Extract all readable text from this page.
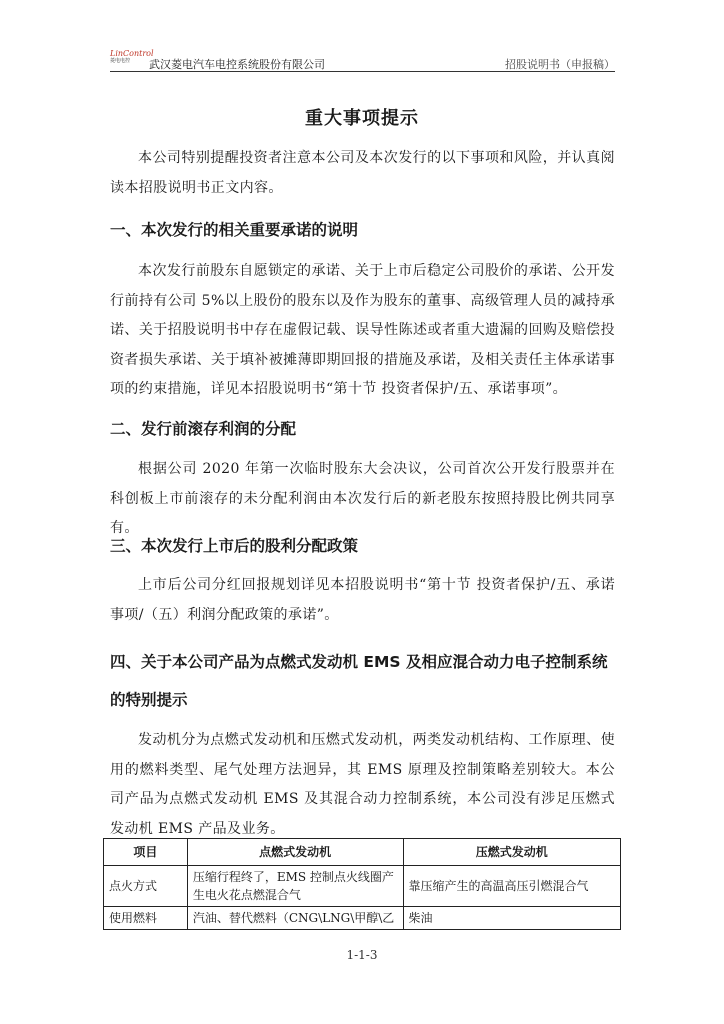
LinControl
菱电电控	武汉菱电汽车电控系统股份有限公司	招股说明书（申报稿）
重大事项提示

本公司特别提醒投资者注意本公司及本次发行的以下事项和风险，并认真阅读本招股说明书正文内容。

一、本次发行的相关重要承诺的说明

本次发行前股东自愿锁定的承诺、关于上市后稳定公司股价的承诺、公开发行前持有公司 5%以上股份的股东以及作为股东的董事、高级管理人员的减持承诺、关于招股说明书中存在虚假记载、误导性陈述或者重大遗漏的回购及赔偿投资者损失承诺、关于填补被摊薄即期回报的措施及承诺，及相关责任主体承诺事项的约束措施，详见本招股说明书“第十节 投资者保护/五、承诺事项”。

二、发行前滚存利润的分配

根据公司 2020 年第一次临时股东大会决议，公司首次公开发行股票并在科创板上市前滚存的未分配利润由本次发行后的新老股东按照持股比例共同享有。

三、本次发行上市后的股利分配政策

上市后公司分红回报规划详见本招股说明书“第十节 投资者保护/五、承诺事项/（五）利润分配政策的承诺”。

四、关于本公司产品为点燃式发动机 EMS 及相应混合动力电子控制系统的特别提示

发动机分为点燃式发动机和压燃式发动机，两类发动机结构、工作原理、使用的燃料类型、尾气处理方法迥异，其 EMS 原理及控制策略差别较大。本公司产品为点燃式发动机 EMS 及其混合动力控制系统，本公司没有涉足压燃式发动机 EMS 产品及业务。

项目	点燃式发动机	压燃式发动机
点火方式	压缩行程终了，EMS 控制点火线圈产生电火花点燃混合气	靠压缩产生的高温高压引燃混合气
使用燃料	汽油、替代燃料（CNG\LNG\甲醇\乙	柴油
1-1-3
